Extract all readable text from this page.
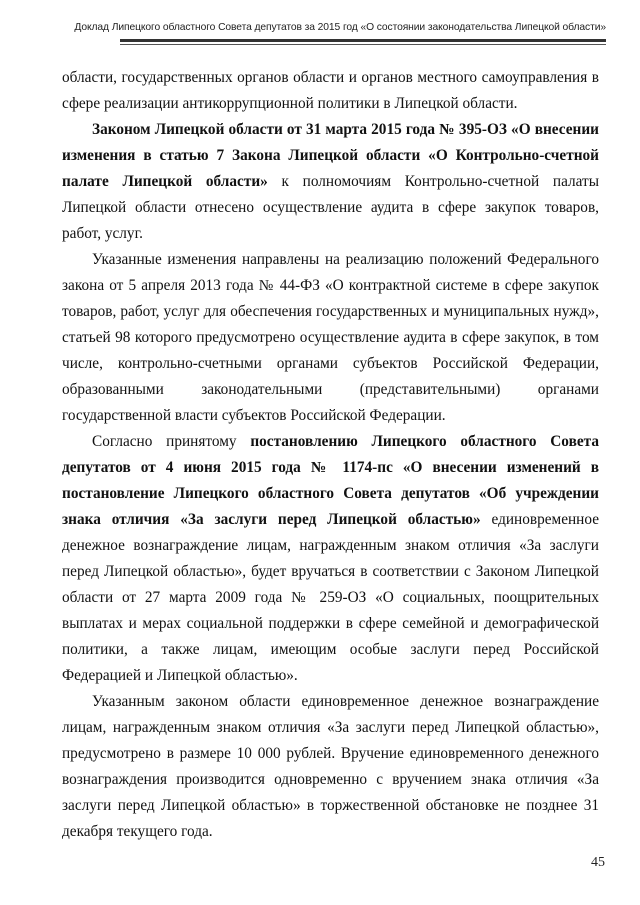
Доклад Липецкого областного Совета депутатов за 2015 год «О состоянии законодательства Липецкой области»

области, государственных органов области и органов местного самоуправления в сфере реализации антикоррупционной политики в Липецкой области.

Законом Липецкой области от 31 марта 2015 года № 395-ОЗ «О внесении изменения в статью 7 Закона Липецкой области «О Контрольно-счетной палате Липецкой области» к полномочиям Контрольно-счетной палаты Липецкой области отнесено осуществление аудита в сфере закупок товаров, работ, услуг.

Указанные изменения направлены на реализацию положений Федерального закона от 5 апреля 2013 года № 44-ФЗ «О контрактной системе в сфере закупок товаров, работ, услуг для обеспечения государственных и муниципальных нужд», статьей 98 которого предусмотрено осуществление аудита в сфере закупок, в том числе, контрольно-счетными органами субъектов Российской Федерации, образованными законодательными (представительными) органами государственной власти субъектов Российской Федерации.

Согласно принятому постановлению Липецкого областного Совета депутатов от 4 июня 2015 года № 1174-пс «О внесении изменений в постановление Липецкого областного Совета депутатов «Об учреждении знака отличия «За заслуги перед Липецкой областью» единовременное денежное вознаграждение лицам, награжденным знаком отличия «За заслуги перед Липецкой областью», будет вручаться в соответствии с Законом Липецкой области от 27 марта 2009 года № 259-ОЗ «О социальных, поощрительных выплатах и мерах социальной поддержки в сфере семейной и демографической политики, а также лицам, имеющим особые заслуги перед Российской Федерацией и Липецкой областью».

Указанным законом области единовременное денежное вознаграждение лицам, награжденным знаком отличия «За заслуги перед Липецкой областью», предусмотрено в размере 10 000 рублей. Вручение единовременного денежного вознаграждения производится одновременно с вручением знака отличия «За заслуги перед Липецкой областью» в торжественной обстановке не позднее 31 декабря текущего года.

45
